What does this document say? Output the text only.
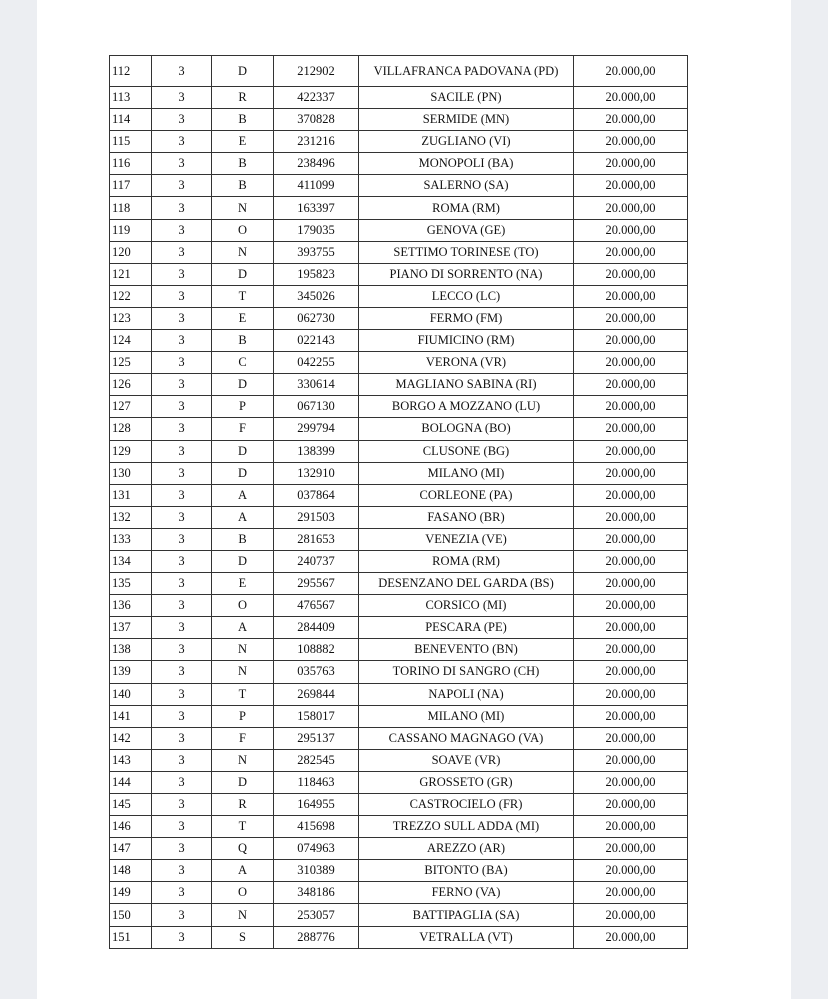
112	3	D	212902	VILLAFRANCA PADOVANA (PD)	20.000,00
113	3	R	422337	SACILE (PN)	20.000,00
114	3	B	370828	SERMIDE (MN)	20.000,00
115	3	E	231216	ZUGLIANO (VI)	20.000,00
116	3	B	238496	MONOPOLI (BA)	20.000,00
117	3	B	411099	SALERNO (SA)	20.000,00
118	3	N	163397	ROMA (RM)	20.000,00
119	3	O	179035	GENOVA (GE)	20.000,00
120	3	N	393755	SETTIMO TORINESE (TO)	20.000,00
121	3	D	195823	PIANO DI SORRENTO (NA)	20.000,00
122	3	T	345026	LECCO (LC)	20.000,00
123	3	E	062730	FERMO (FM)	20.000,00
124	3	B	022143	FIUMICINO (RM)	20.000,00
125	3	C	042255	VERONA (VR)	20.000,00
126	3	D	330614	MAGLIANO SABINA (RI)	20.000,00
127	3	P	067130	BORGO A MOZZANO (LU)	20.000,00
128	3	F	299794	BOLOGNA (BO)	20.000,00
129	3	D	138399	CLUSONE (BG)	20.000,00
130	3	D	132910	MILANO (MI)	20.000,00
131	3	A	037864	CORLEONE (PA)	20.000,00
132	3	A	291503	FASANO (BR)	20.000,00
133	3	B	281653	VENEZIA (VE)	20.000,00
134	3	D	240737	ROMA (RM)	20.000,00
135	3	E	295567	DESENZANO DEL GARDA (BS)	20.000,00
136	3	O	476567	CORSICO (MI)	20.000,00
137	3	A	284409	PESCARA (PE)	20.000,00
138	3	N	108882	BENEVENTO (BN)	20.000,00
139	3	N	035763	TORINO DI SANGRO (CH)	20.000,00
140	3	T	269844	NAPOLI (NA)	20.000,00
141	3	P	158017	MILANO (MI)	20.000,00
142	3	F	295137	CASSANO MAGNAGO (VA)	20.000,00
143	3	N	282545	SOAVE (VR)	20.000,00
144	3	D	118463	GROSSETO (GR)	20.000,00
145	3	R	164955	CASTROCIELO (FR)	20.000,00
146	3	T	415698	TREZZO SULL ADDA (MI)	20.000,00
147	3	Q	074963	AREZZO (AR)	20.000,00
148	3	A	310389	BITONTO (BA)	20.000,00
149	3	O	348186	FERNO (VA)	20.000,00
150	3	N	253057	BATTIPAGLIA (SA)	20.000,00
151	3	S	288776	VETRALLA (VT)	20.000,00
